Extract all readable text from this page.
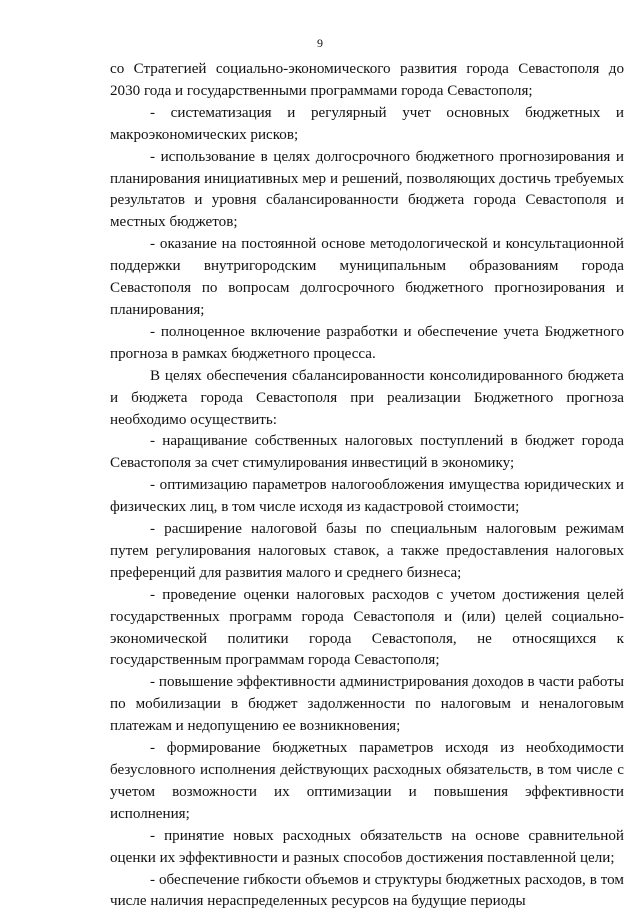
9

со Стратегией социально-экономического развития города Севастополя до 2030 года и государственными программами города Севастополя;

- систематизация и регулярный учет основных бюджетных и макроэкономических рисков;

- использование в целях долгосрочного бюджетного прогнозирования и планирования инициативных мер и решений, позволяющих достичь требуемых результатов и уровня сбалансированности бюджета города Севастополя и местных бюджетов;

- оказание на постоянной основе методологической и консультационной поддержки внутригородским муниципальным образованиям города Севастополя по вопросам долгосрочного бюджетного прогнозирования и планирования;

- полноценное включение разработки и обеспечение учета Бюджетного прогноза в рамках бюджетного процесса.

В целях обеспечения сбалансированности консолидированного бюджета и бюджета города Севастополя при реализации Бюджетного прогноза необходимо осуществить:

- наращивание собственных налоговых поступлений в бюджет города Севастополя за счет стимулирования инвестиций в экономику;

- оптимизацию параметров налогообложения имущества юридических и физических лиц, в том числе исходя из кадастровой стоимости;

- расширение налоговой базы по специальным налоговым режимам путем регулирования налоговых ставок, а также предоставления налоговых преференций для развития малого и среднего бизнеса;

- проведение оценки налоговых расходов с учетом достижения целей государственных программ города Севастополя и (или) целей социально-экономической политики города Севастополя, не относящихся к государственным программам города Севастополя;

- повышение эффективности администрирования доходов в части работы по мобилизации в бюджет задолженности по налоговым и неналоговым платежам и недопущению ее возникновения;

- формирование бюджетных параметров исходя из необходимости безусловного исполнения действующих расходных обязательств, в том числе с учетом возможности их оптимизации и повышения эффективности исполнения;

- принятие новых расходных обязательств на основе сравнительной оценки их эффективности и разных способов достижения поставленной цели;

- обеспечение гибкости объемов и структуры бюджетных расходов, в том числе наличия нераспределенных ресурсов на будущие периоды
